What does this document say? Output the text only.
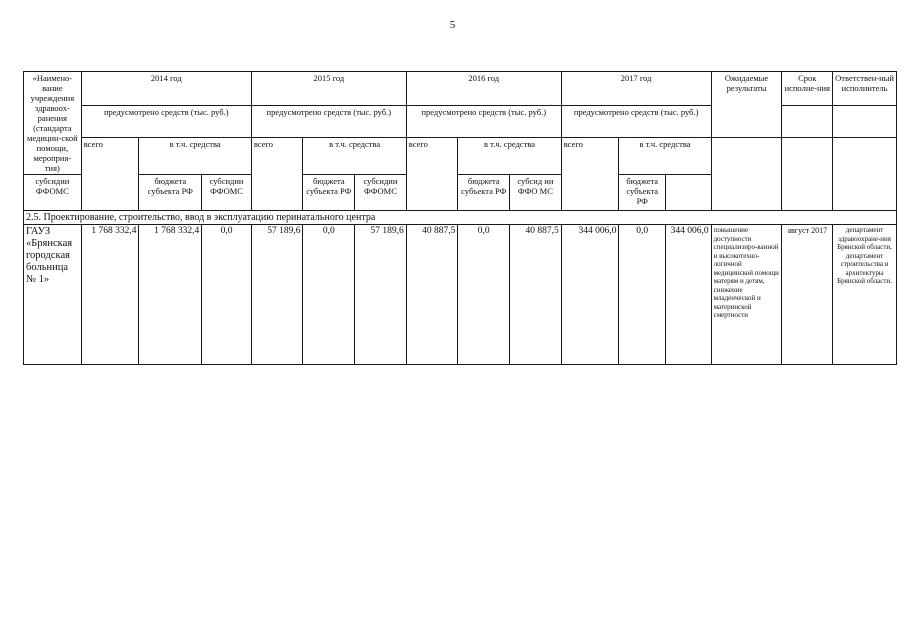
5
«Наимено-вание учреждения здравоох-ранения (стандарта медицин-ской помощи, мероприя-тия)	2014 год			2015 год			2016 год			2017 год			Ожидаемые результаты	Срок исполне-ния	Ответствен-ный исполнитель
	предусмотрено средств (тыс. руб.)			предусмотрено средств (тыс. руб.)			предусмотрено средств (тыс. руб.)			предусмотрено средств (тыс. руб.)					
	всего	в т.ч. средства		всего	в т.ч. средства		всего	в т.ч. средства		всего	в т.ч. средства				
субсидии ФФОМС		бюджета субъекта РФ	субсидии ФФОМС		бюджета субъекта РФ	субсидии ФФОМС		бюджета субъекта РФ	субсид ии ФФО МС		бюджета субъекта РФ				
2.5. Проектирование, строительство, ввод в эксплуатацию перинатального центра															
ГАУЗ «Брянская городская больница № 1»	1 768 332,4	1 768 332,4	0,0	57 189,6	0,0	57 189,6	40 887,5	0,0	40 887,5	344 006,0	0,0	344 006,0	повышение доступности специализиро-ванной и высокотехно-логичной медицинской помощи матерям и детям, снижение младенческой и материнской смертности	август 2017	департамент здравоохране-ния Брянской области, департамент строительства и архитектуры Брянской области.
